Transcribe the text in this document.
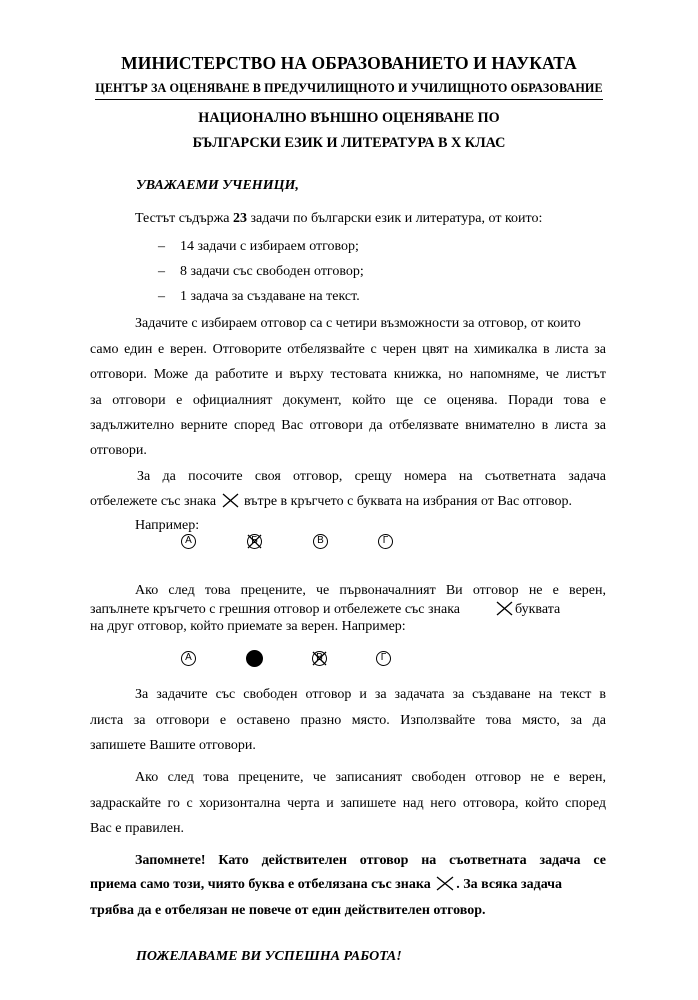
МИНИСТЕРСТВО НА ОБРАЗОВАНИЕТО И НАУКАТА
ЦЕНТЪР ЗА ОЦЕНЯВАНЕ В ПРЕДУЧИЛИЩНОТО И УЧИЛИЩНОТО ОБРАЗОВАНИЕ
НАЦИОНАЛНО ВЪНШНО ОЦЕНЯВАНЕ ПО
БЪЛГАРСКИ ЕЗИК И ЛИТЕРАТУРА В Х КЛАС
УВАЖАЕМИ УЧЕНИЦИ,
Тестът съдържа 23 задачи по български език и литература, от които:
– 14 задачи с избираем отговор;
– 8 задачи със свободен отговор;
– 1 задача за създаване на текст.
Задачите с избираем отговор са с четири възможности за отговор, от които
само един е верен. Отговорите отбелязвайте с черен цвят на химикалка в листа за
отговори. Може да работите и върху тестовата книжка, но напомняме, че листът
за отговори е официалният документ, който ще се оценява. Поради това е
задължително верните според Вас отговори да отбелязвате внимателно в листа за
отговори.
За да посочите своя отговор, срещу номера на съответната задача
отбележете със знака вътре в кръгчето с буквата на избрания от Вас отговор.
Например:
А	Б	В	Г
Ако след това прецените, че първоначалният Ви отговор не е верен,
запълнете кръгчето с грешния отговор и отбележете със знака	буквата
на друг отговор, който приемате за верен. Например:
А	В	Г
За задачите със свободен отговор и за задачата за създаване на текст в
листа за отговори е оставено празно място. Използвайте това място, за да
запишете Вашите отговори.
Ако след това прецените, че записаният свободен отговор не е верен,
задраскайте го с хоризонтална черта и запишете над него отговора, който според
Вас е правилен.
Запомнете! Като действителен отговор на съответната задача се
приема само този, чиято буква е отбелязана със знака . За всяка задача
трябва да е отбелязан не повече от един действителен отговор.
ПОЖЕЛАВАМЕ ВИ УСПЕШНА РАБОТА!
